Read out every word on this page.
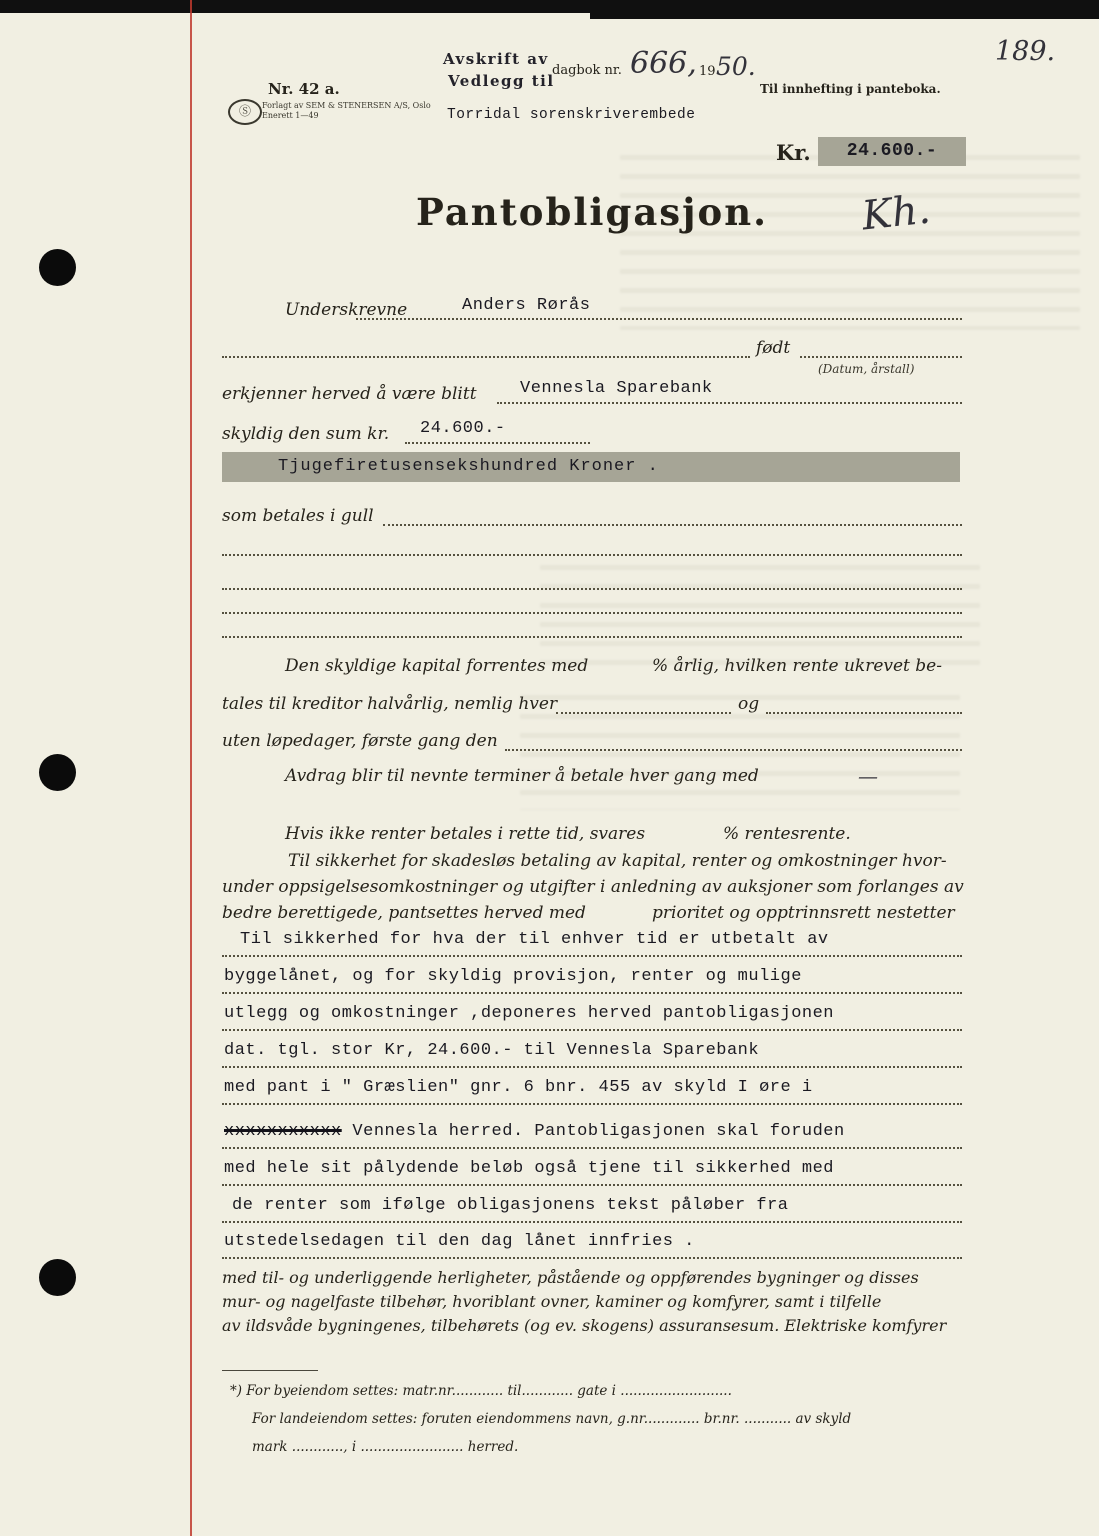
189.
Nr. 42 a.
Ⓢ	Forlagt av SEM & STENERSEN A/S, Oslo
Enerett 1—49
Avskrift av
Vedlegg til
dagbok nr. 666, 19 50.
Torridal sorenskriverembede
Til innhefting i panteboka.
Kr.	24.600.-
Pantobligasjon.	Kh.
Underskrevne	Anders Rørås
født
(Datum, årstall)
erkjenner herved å være blitt	Vennesla Sparebank
skyldig den sum kr. 24.600.-
Tjugefiretusensekshundred Kroner .
som betales i gull
Den skyldige kapital forrentes med	% årlig, hvilken rente ukrevet be-
tales til kreditor halvårlig, nemlig hver	og
uten løpedager, første gang den
Avdrag blir til nevnte terminer å betale hver gang med	—
Hvis ikke renter betales i rette tid, svares	% rentesrente.
Til sikkerhet for skadesløs betaling av kapital, renter og omkostninger hvor-
under oppsigelsesomkostninger og utgifter i anledning av auksjoner som forlanges av
bedre berettigede, pantsettes herved med	prioritet og opptrinnsrett nestetter
Til sikkerhed for hva der til enhver tid er utbetalt av
byggelånet, og for skyldig provisjon, renter og mulige
utlegg og omkostninger ,deponeres herved pantobligasjonen
dat. tgl. stor Kr, 24.600.- til Vennesla Sparebank
med pant i " Græslien" gnr. 6 bnr. 455 av skyld I øre i
xxxxxxxxxxx Vennesla herred. Pantobligasjonen skal foruden
med hele sit pålydende beløb også tjene til sikkerhed med
de renter som ifølge obligasjonens tekst påløber fra
utstedelsedagen til den dag lånet innfries .
med til- og underliggende herligheter, påstående og oppførendes bygninger og disses
mur- og nagelfaste tilbehør, hvoriblant ovner, kaminer og komfyrer, samt i tilfelle
av ildsvåde bygningenes, tilbehørets (og ev. skogens) assuransesum. Elektriske komfyrer
*) For byeiendom settes: matr.nr............ til............ gate i ..........................
For landeiendom settes: foruten eiendommens navn, g.nr............. br.nr. ........... av skyld
mark ............, i ........................ herred.
